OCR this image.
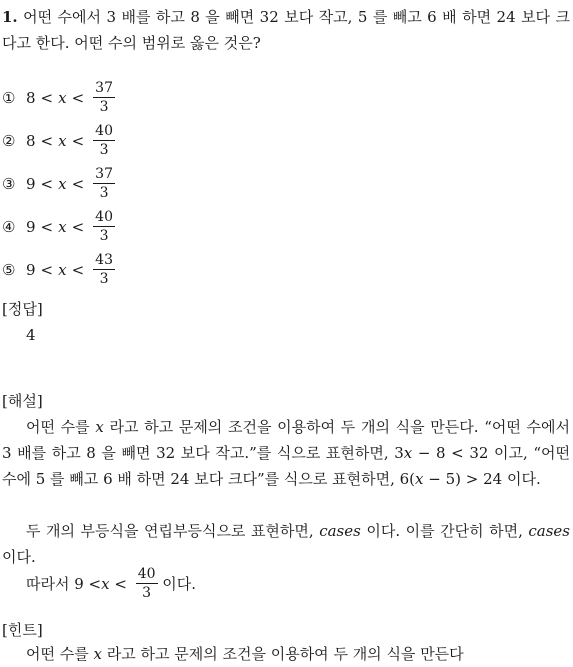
1. 어떤 수에서 3 배를 하고 8 을 빼면 32 보다 작고, 5 를 빼고 6 배 하면 24 보다 크다고 한다. 어떤 수의 범위로 옳은 것은?
① $8 < x < \frac{37}{3}$
② $8 < x < \frac{40}{3}$
③ $9 < x < \frac{37}{3}$
④ $9 < x < \frac{40}{3}$
⑤ $9 < x < \frac{43}{3}$
[정답]
4
[해설]
어떤 수를 x 라고 하고 문제의 조건을 이용하여 두 개의 식을 만든다. “어떤 수에서 3 배를 하고 8 을 빼면 32 보다 작고.”를 식으로 표현하면, 3x − 8 < 32 이고, “어떤 수에 5 를 빼고 6 배 하면 24 보다 크다”를 식으로 표현하면, 6(x − 5) > 24 이다.
두 개의 부등식을 연립부등식으로 표현하면, cases 이다. 이를 간단히 하면, cases 이다.
따라서 $9 < x < \frac{40}{3}$ 이다.
[힌트]
어떤 수를 x 라고 하고 문제의 조건을 이용하여 두 개의 식을 만든다
